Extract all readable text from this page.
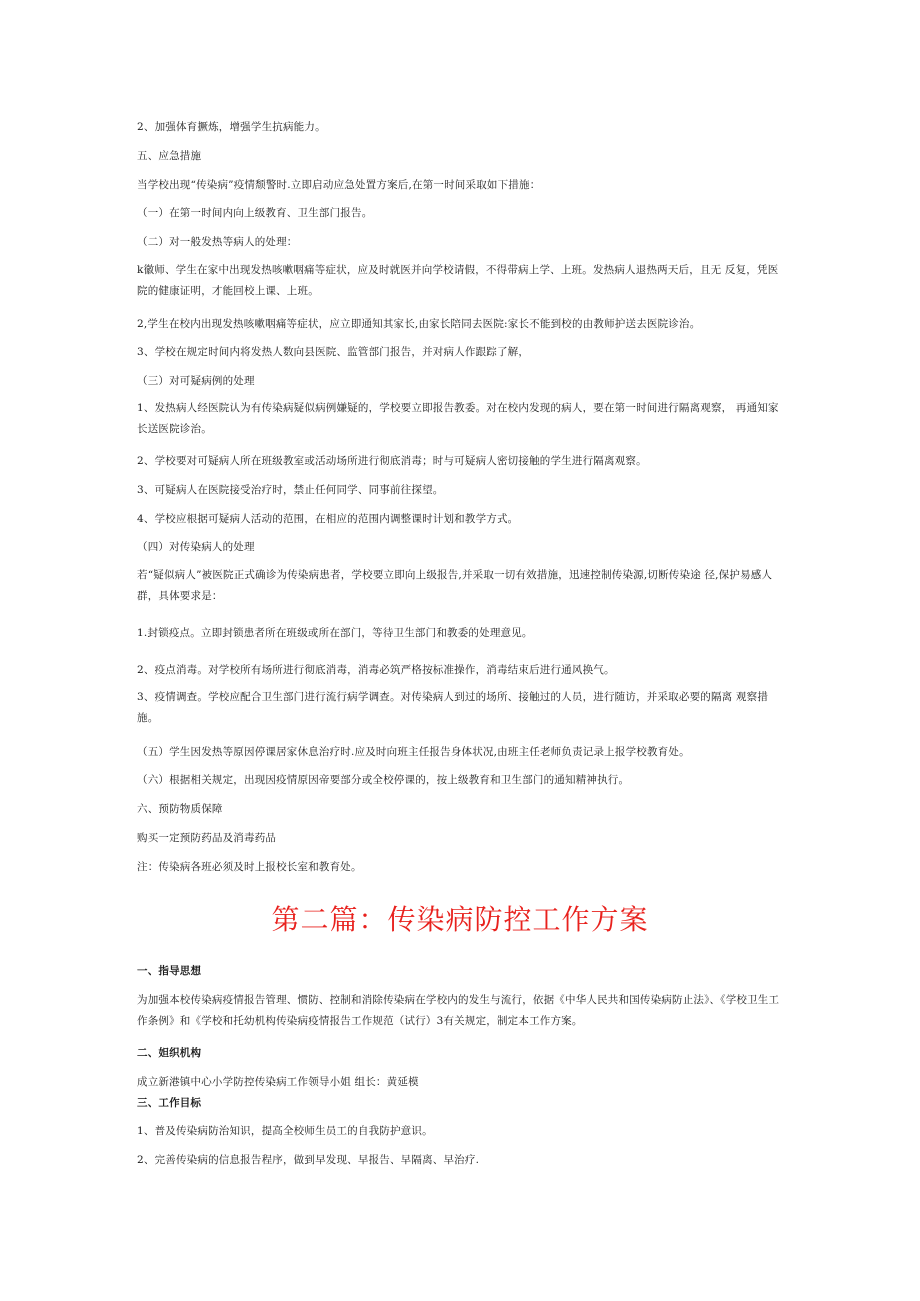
2、加强体育撅炼，增强学生抗病能力。
五、应急措施
当学校出现“传染病”疫情颓警时.立即启动应急处置方案后,在第一时间采取如下措施：
（一）在第一时间内向上级教育、卫生部门报告。
（二）对一般发热等病人的处理：
k徽师、学生在家中出现发热咳嗽咽痛等症状，应及时就医并向学校请假，不得带病上学、上班。发热病人退热两天后，且无 反复，凭医院的健康证明，才能回校上课、上班。
2,学生在校内出现发热咳嗽咽痛等症状，应立即通知其家长,由家长陪同去医院:家长不能到校的由教师护送去医院诊治。
3、学校在规定时间内将发热人数向县医院、监管部门报告，并对病人作跟踪了解，
（三）对可疑病例的处理
1、发热病人经医院认为有传染病疑似病例嫌疑的，学校要立即报告教委。对在校内发现的病人，要在第一时间进行隔离观察， 再通知家长送医院诊治。
2、学校要对可疑病人所在班级教室或活动场所进行彻底消毒；时与可疑病人密切接触的学生进行隔离观察。
3、可疑病人在医院接受治疗时，禁止任何同学、同事前往探望。
4、学校应根据可疑病人活动的范围，在相应的范围内调整课时计划和教学方式。
（四）对传染病人的处理
若“疑似病人”被医院正式确诊为传染病患者，学校要立即向上级报告,并采取一切有效措施，迅速控制传染源,切断传染途 径,保护易感人群，具体要求是：
1.封锁疫点。立即封锁患者所在班级或所在部门，等待卫生部门和教委的处理意见。
2、疫点消毒。对学校所有场所进行彻底消毒，消毒必筑严格按标准操作，消毒结束后进行通风换气。
3、疫情调查。学校应配合卫生部门进行流行病学调查。对传染病人到过的场所、接触过的人员，进行随访，并采取必要的隔离 观察措施。
（五）学生因发热等原因停课居家休息治疗时.应及时向班主任报告身体状况,由班主任老师负责记录上报学校教育处。
（六）根据相关规定，出现因疫情原因帝要部分或全校停课的，按上级教育和卫生部门的通知精神执行。
六、预防物质保障
购买一定预防药品及消毒药品
注：传染病各班必须及时上报校长室和教育处。
第二篇：传染病防控工作方案
一、指导思想
为加强本校传染病疫情报告管理、惯防、控制和消除传染病在学校内的发生与流行，依据《中华人民共和国传染病防止法》、《学校卫生工作条例》和《学校和托幼机构传染病疫情报告工作规范（试行）3有关规定，制定本工作方案。
二、妲织机构
成立新港镇中心小学防控传染病工作领导小姐 组长：黄延模
三、工作目标
1、普及传染病防治知识，提高全校师生员工的自我防护意识。
2、完善传染病的信息报告程序，做到早发现、早报告、早隔离、早治疗.
